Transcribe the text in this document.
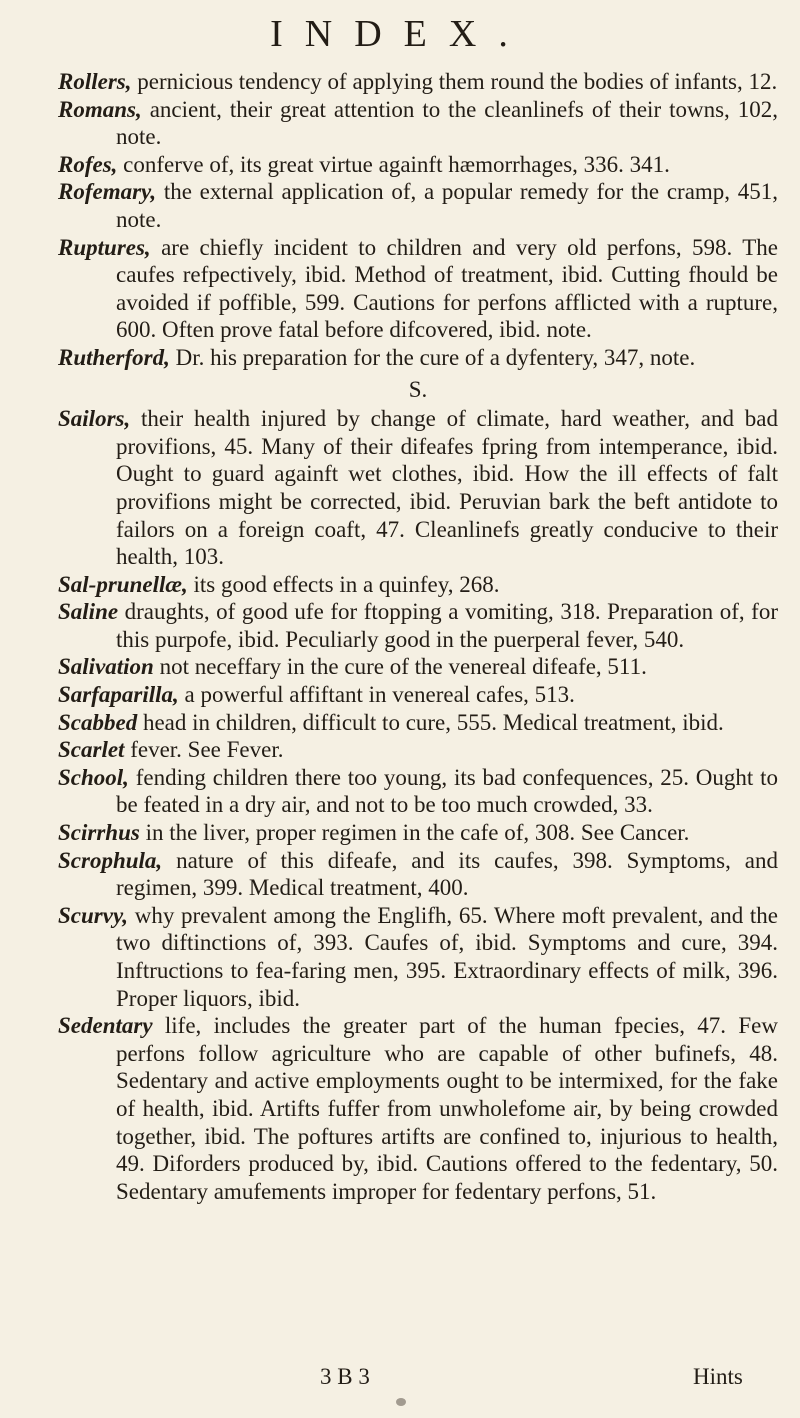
INDEX.

Rollers, pernicious tendency of applying them round the bodies of infants, 12.

Romans, ancient, their great attention to the cleanlinefs of their towns, 102, note.

Rofes, conferve of, its great virtue againft hæmorrhages, 336. 341.

Rofemary, the external application of, a popular remedy for the cramp, 451, note.

Ruptures, are chiefly incident to children and very old perfons, 598. The caufes refpectively, ibid. Method of treatment, ibid. Cutting fhould be avoided if poffible, 599. Cautions for perfons afflicted with a rupture, 600. Often prove fatal before difcovered, ibid. note.

Rutherford, Dr. his preparation for the cure of a dyfentery, 347, note.

S.

Sailors, their health injured by change of climate, hard weather, and bad provifions, 45. Many of their difeafes fpring from intemperance, ibid. Ought to guard againft wet clothes, ibid. How the ill effects of falt provifions might be corrected, ibid. Peruvian bark the beft antidote to failors on a foreign coaft, 47. Cleanlinefs greatly conducive to their health, 103.

Sal-prunellæ, its good effects in a quinfey, 268.

Saline draughts, of good ufe for ftopping a vomiting, 318. Preparation of, for this purpofe, ibid. Peculiarly good in the puerperal fever, 540.

Salivation not neceffary in the cure of the venereal difeafe, 511.

Sarfaparilla, a powerful affiftant in venereal cafes, 513.

Scabbed head in children, difficult to cure, 555. Medical treatment, ibid.

Scarlet fever. See Fever.

School, fending children there too young, its bad confequences, 25. Ought to be feated in a dry air, and not to be too much crowded, 33.

Scirrhus in the liver, proper regimen in the cafe of, 308. See Cancer.

Scrophula, nature of this difeafe, and its caufes, 398. Symptoms, and regimen, 399. Medical treatment, 400.

Scurvy, why prevalent among the Englifh, 65. Where moft prevalent, and the two diftinctions of, 393. Caufes of, ibid. Symptoms and cure, 394. Inftructions to fea-faring men, 395. Extraordinary effects of milk, 396. Proper liquors, ibid.

Sedentary life, includes the greater part of the human fpecies, 47. Few perfons follow agriculture who are capable of other bufinefs, 48. Sedentary and active employments ought to be intermixed, for the fake of health, ibid. Artifts fuffer from unwholefome air, by being crowded together, ibid. The poftures artifts are confined to, injurious to health, 49. Diforders produced by, ibid. Cautions offered to the fedentary, 50. Sedentary amufements improper for fedentary perfons, 51.

3 B 3	Hints
